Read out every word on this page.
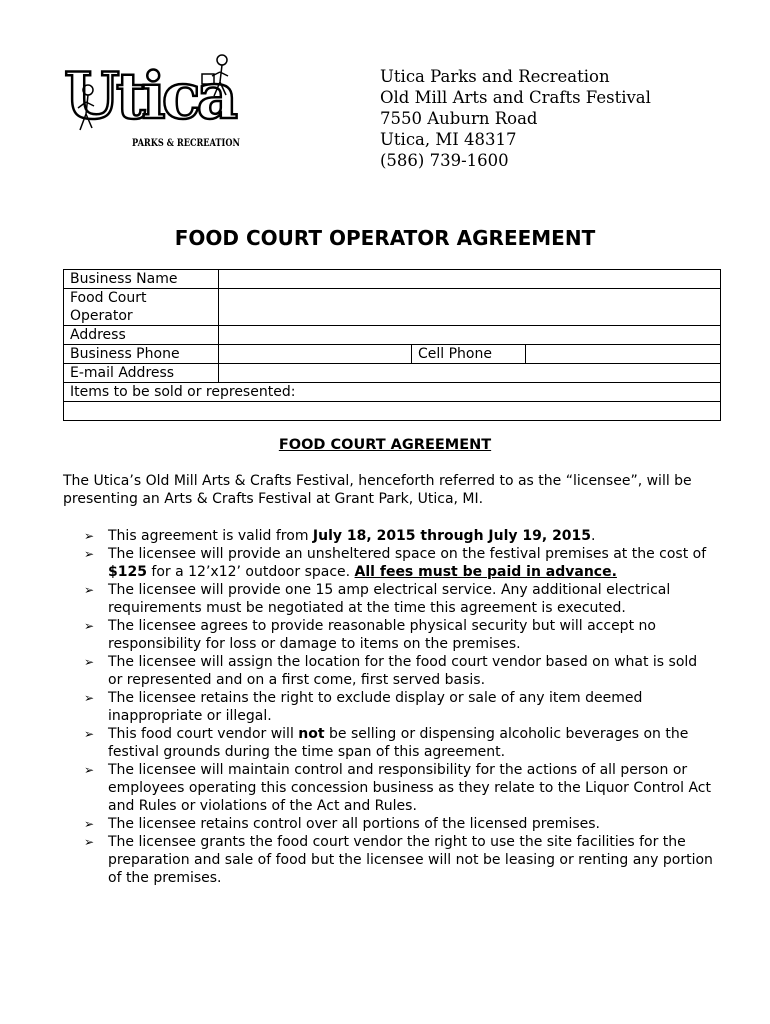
Utica
PARKS & RECREATION
Utica Parks and Recreation
Old Mill Arts and Crafts Festival
7550 Auburn Road
Utica, MI 48317
(586) 739-1600
FOOD COURT OPERATOR AGREEMENT
Business Name			
Food Court
Operator			
Address			
Business Phone		Cell Phone	
E-mail Address			
Items to be sold or represented:			

FOOD COURT AGREEMENT
The Utica’s Old Mill Arts & Crafts Festival, henceforth referred to as the “licensee”, will be presenting an Arts & Crafts Festival at Grant Park, Utica, MI.
➢ This agreement is valid from July 18, 2015 through July 19, 2015.
➢ The licensee will provide an unsheltered space on the festival premises at the cost of $125 for a 12’x12’ outdoor space. All fees must be paid in advance.
➢ The licensee will provide one 15 amp electrical service. Any additional electrical requirements must be negotiated at the time this agreement is executed.
➢ The licensee agrees to provide reasonable physical security but will accept no responsibility for loss or damage to items on the premises.
➢ The licensee will assign the location for the food court vendor based on what is sold or represented and on a first come, first served basis.
➢ The licensee retains the right to exclude display or sale of any item deemed inappropriate or illegal.
➢ This food court vendor will not be selling or dispensing alcoholic beverages on the festival grounds during the time span of this agreement.
➢ The licensee will maintain control and responsibility for the actions of all person or employees operating this concession business as they relate to the Liquor Control Act and Rules or violations of the Act and Rules.
➢ The licensee retains control over all portions of the licensed premises.
➢ The licensee grants the food court vendor the right to use the site facilities for the preparation and sale of food but the licensee will not be leasing or renting any portion of the premises.
